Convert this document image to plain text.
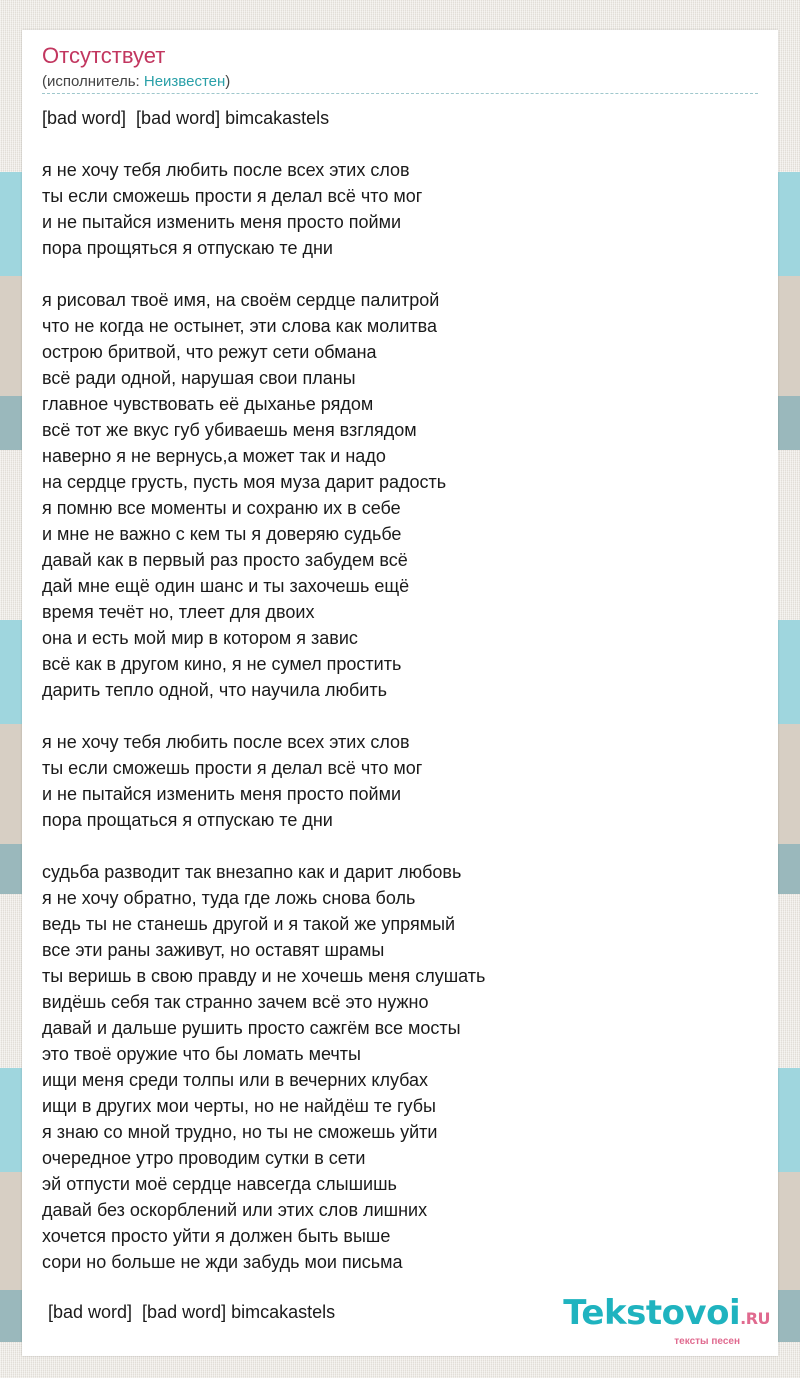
Отсутствует
(исполнитель: Неизвестен)
[bad word]  [bad word] bimcakastels

я не хочу тебя любить после всех этих слов
ты если сможешь прости я делал всё что мог
и не пытайся изменить меня просто пойми
пора прощяться я отпускаю те дни

я рисовал твоё имя, на своём сердце палитрой
что не когда не остынет, эти слова как молитва
острою бритвой, что режут сети обмана
всё ради одной, нарушая свои планы
главное чувствовать её дыханье рядом
всё тот же вкус губ убиваешь меня взглядом
наверно я не вернусь,а может так и надо
на сердце грусть, пусть моя муза дарит радость
я помню все моменты и сохраню их в себе
и мне не важно с кем ты я доверяю судьбе
давай как в первый раз просто забудем всё
дай мне ещё один шанс и ты захочешь ещё
время течёт но, тлеет для двоих
она и есть мой мир в котором я завис
всё как в другом кино, я не сумел простить
дарить тепло одной, что научила любить

я не хочу тебя любить после всех этих слов
ты если сможешь прости я делал всё что мог
и не пытайся изменить меня просто пойми
пора прощаться я отпускаю те дни

судьба разводит так внезапно как и дарит любовь
я не хочу обратно, туда где ложь снова боль
ведь ты не станешь другой и я такой же упрямый
все эти раны заживут, но оставят шрамы
ты веришь в свою правду и не хочешь меня слушать
видёшь себя так странно зачем всё это нужно
давай и дальше рушить просто сажгём все мосты
это твоё оружие что бы ломать мечты
ищи меня среди толпы или в вечерних клубах
ищи в других мои черты, но не найдёш те губы
я знаю со мной трудно, но ты не сможешь уйти
очередное утро проводим сутки в сети
эй отпусти моё сердце навсегда слышишь
давай без оскорблений или этих слов лишних
хочется просто уйти я должен быть выше
сори но больше не жди забудь мои письма
[bad word]  [bad word] bimcakastels	Tekstovoi.RU
тексты песен
